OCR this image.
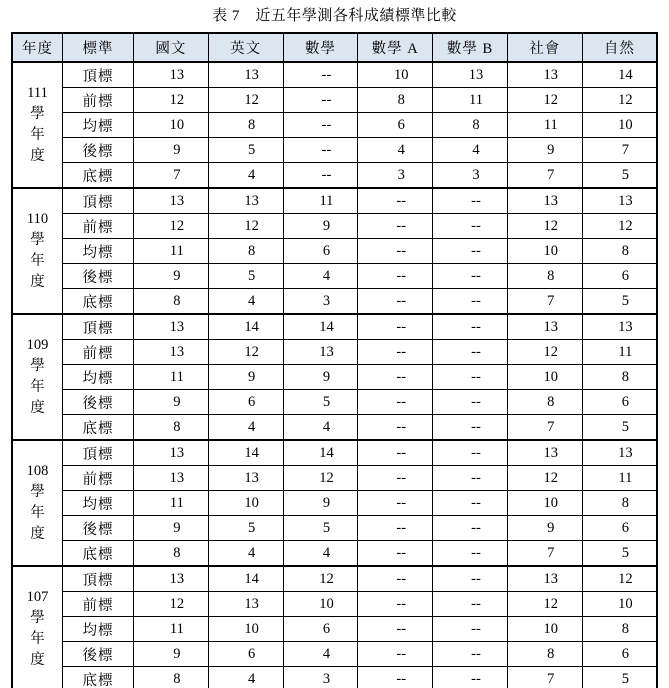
表 7　近五年學測各科成績標準比較
年度	標準	國文	英文	數學	數學 A	數學 B	社會	自然

111
學
年
度	頂標	13	13	--	10	13	13	14
	前標	12	12	--	8	11	12	12
	均標	10	8	--	6	8	11	10
	後標	9	5	--	4	4	9	7
	底標	7	4	--	3	3	7	5

110
學
年
度	頂標	13	13	11	--	--	13	13
	前標	12	12	9	--	--	12	12
	均標	11	8	6	--	--	10	8
	後標	9	5	4	--	--	8	6
	底標	8	4	3	--	--	7	5

109
學
年
度	頂標	13	14	14	--	--	13	13
	前標	13	12	13	--	--	12	11
	均標	11	9	9	--	--	10	8
	後標	9	6	5	--	--	8	6
	底標	8	4	4	--	--	7	5

108
學
年
度	頂標	13	14	14	--	--	13	13
	前標	13	13	12	--	--	12	11
	均標	11	10	9	--	--	10	8
	後標	9	5	5	--	--	9	6
	底標	8	4	4	--	--	7	5

107
學
年
度	頂標	13	14	12	--	--	13	12
	前標	12	13	10	--	--	12	10
	均標	11	10	6	--	--	10	8
	後標	9	6	4	--	--	8	6
	底標	8	4	3	--	--	7	5
